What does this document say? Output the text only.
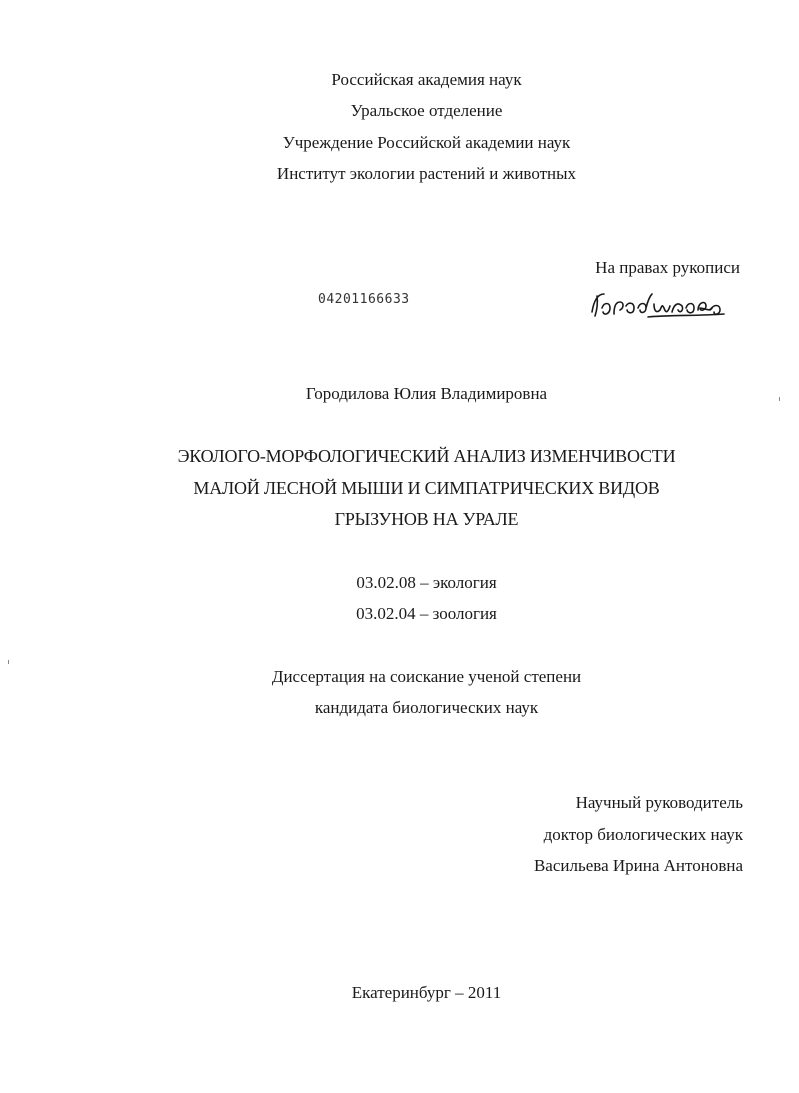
Российская академия наук
Уральское отделение
Учреждение Российской академии наук
Институт экологии растений и животных
На правах рукописи
04201166633
Городилова Юлия Владимировна
ЭКОЛОГО-МОРФОЛОГИЧЕСКИЙ АНАЛИЗ ИЗМЕНЧИВОСТИ
МАЛОЙ ЛЕСНОЙ МЫШИ И СИМПАТРИЧЕСКИХ ВИДОВ
ГРЫЗУНОВ НА УРАЛЕ
03.02.08 – экология
03.02.04 – зоология
Диссертация на соискание ученой степени
кандидата биологических наук
Научный руководитель
доктор биологических наук
Васильева Ирина Антоновна
Екатеринбург – 2011
